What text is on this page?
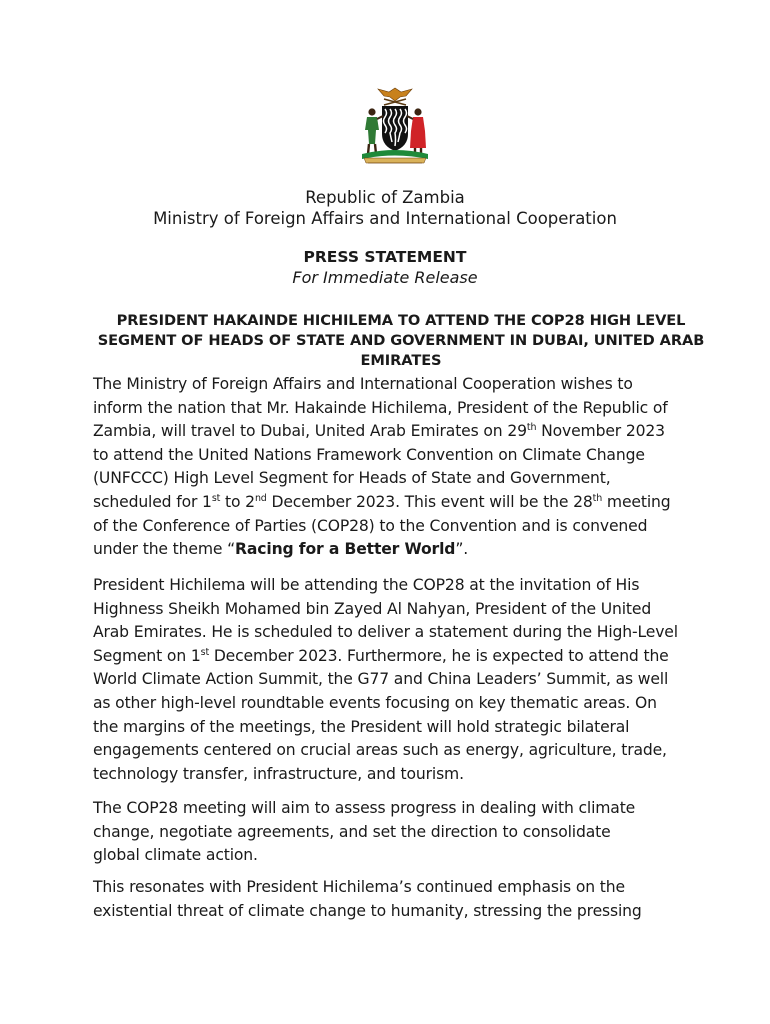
Republic of Zambia
Ministry of Foreign Affairs and International Cooperation
PRESS STATEMENT
For Immediate Release
PRESIDENT HAKAINDE HICHILEMA TO ATTEND THE COP28 HIGH LEVEL
SEGMENT OF HEADS OF STATE AND GOVERNMENT IN DUBAI, UNITED ARAB
EMIRATES
The Ministry of Foreign Affairs and International Cooperation wishes to
inform the nation that Mr. Hakainde Hichilema, President of the Republic of
Zambia, will travel to Dubai, United Arab Emirates on 29th November 2023
to attend the United Nations Framework Convention on Climate Change
(UNFCCC) High Level Segment for Heads of State and Government,
scheduled for 1st to 2nd December 2023. This event will be the 28th meeting
of the Conference of Parties (COP28) to the Convention and is convened
under the theme “Racing for a Better World”.
President Hichilema will be attending the COP28 at the invitation of His
Highness Sheikh Mohamed bin Zayed Al Nahyan, President of the United
Arab Emirates. He is scheduled to deliver a statement during the High-Level
Segment on 1st December 2023. Furthermore, he is expected to attend the
World Climate Action Summit, the G77 and China Leaders’ Summit, as well
as other high-level roundtable events focusing on key thematic areas. On
the margins of the meetings, the President will hold strategic bilateral
engagements centered on crucial areas such as energy, agriculture, trade,
technology transfer, infrastructure, and tourism.
The COP28 meeting will aim to assess progress in dealing with climate
change, negotiate agreements, and set the direction to consolidate
global climate action.
This resonates with President Hichilema’s continued emphasis on the
existential threat of climate change to humanity, stressing the pressing
